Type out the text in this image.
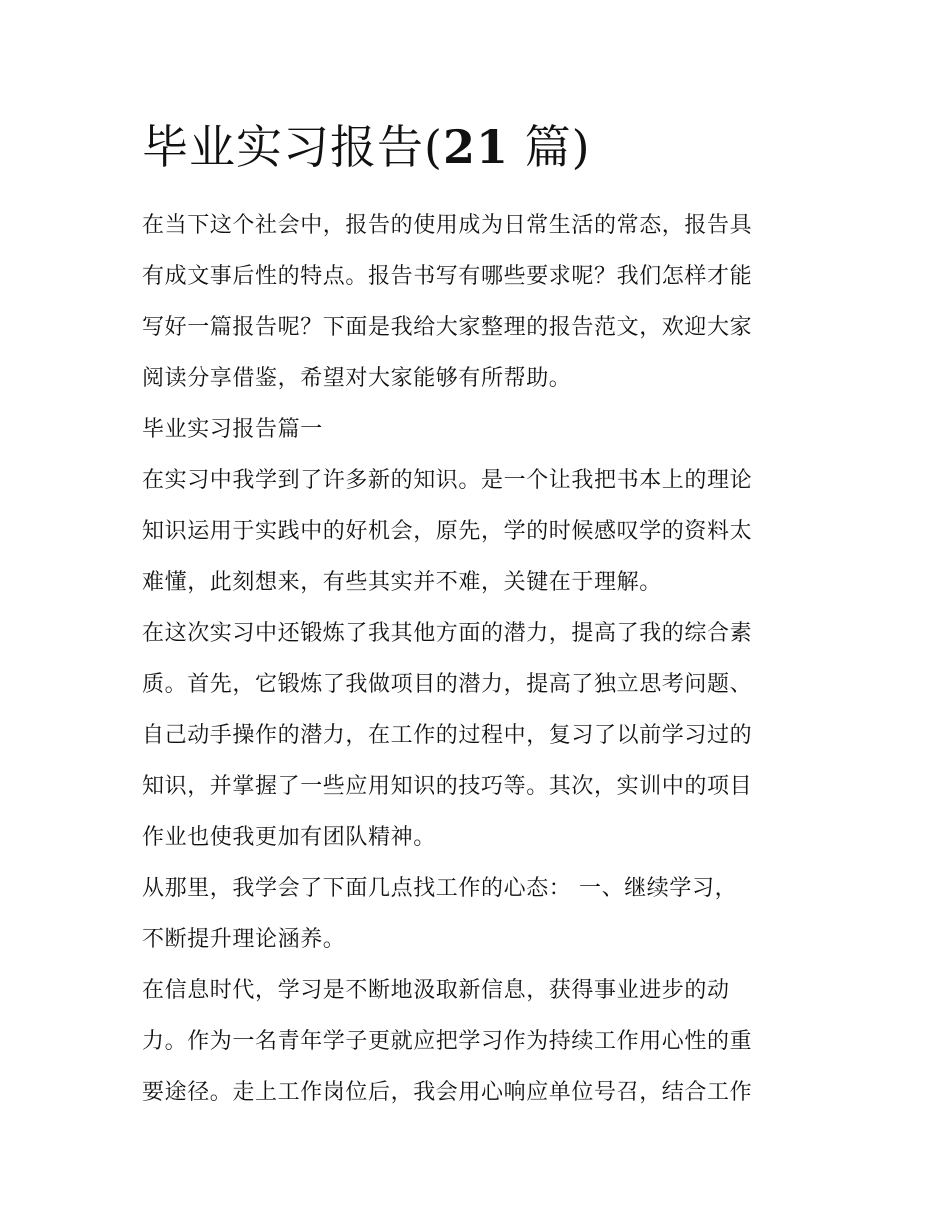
毕业实习报告(21 篇)

在当下这个社会中，报告的使用成为日常生活的常态，报告具
有成文事后性的特点。报告书写有哪些要求呢？我们怎样才能
写好一篇报告呢？下面是我给大家整理的报告范文，欢迎大家
阅读分享借鉴，希望对大家能够有所帮助。

毕业实习报告篇一

在实习中我学到了许多新的知识。是一个让我把书本上的理论
知识运用于实践中的好机会，原先，学的时候感叹学的资料太
难懂，此刻想来，有些其实并不难，关键在于理解。

在这次实习中还锻炼了我其他方面的潜力，提高了我的综合素
质。首先，它锻炼了我做项目的潜力，提高了独立思考问题、
自己动手操作的潜力，在工作的过程中，复习了以前学习过的
知识，并掌握了一些应用知识的技巧等。其次，实训中的项目
作业也使我更加有团队精神。

从那里，我学会了下面几点找工作的心态： 一、继续学习，
不断提升理论涵养。

在信息时代，学习是不断地汲取新信息，获得事业进步的动
力。作为一名青年学子更就应把学习作为持续工作用心性的重
要途径。走上工作岗位后，我会用心响应单位号召，结合工作
